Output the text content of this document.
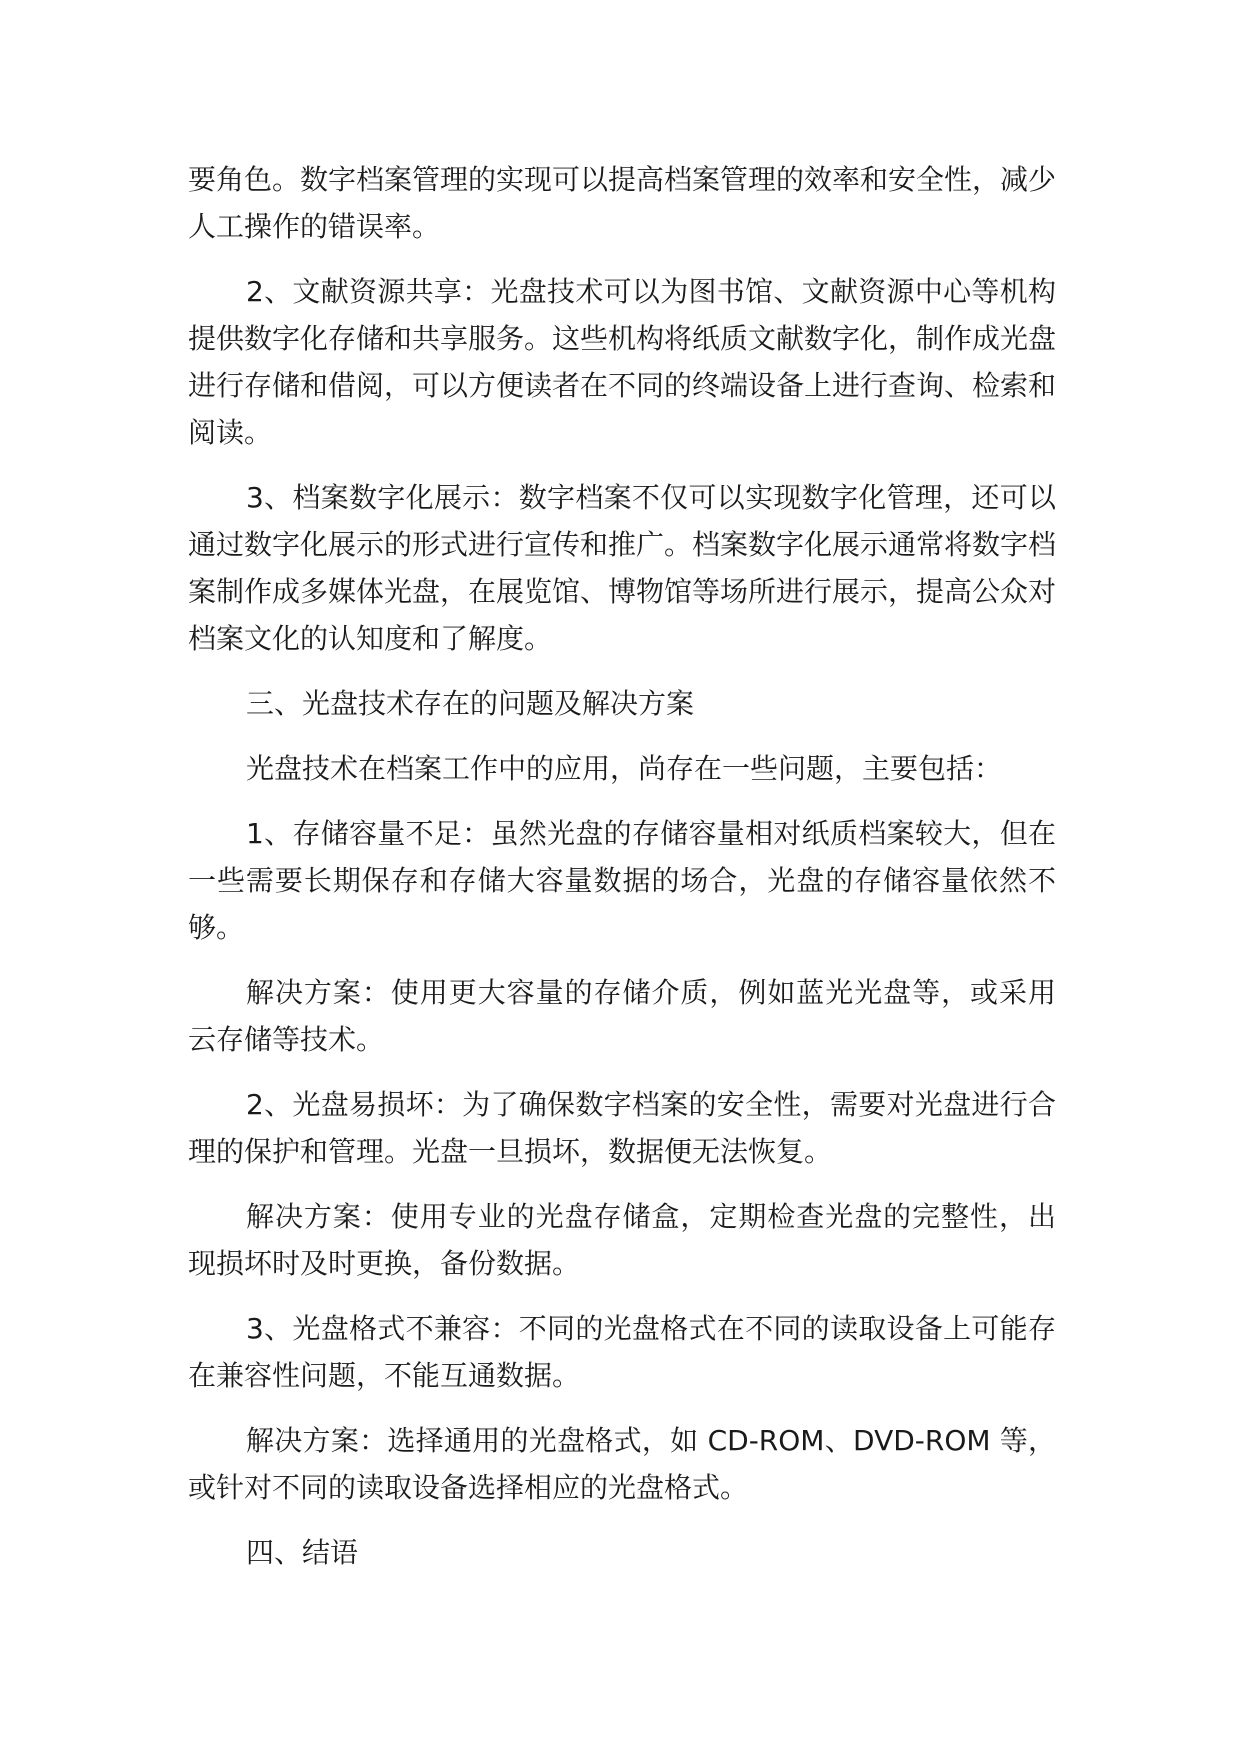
要角色。数字档案管理的实现可以提高档案管理的效率和安全性，减少人工操作的错误率。

2、文献资源共享：光盘技术可以为图书馆、文献资源中心等机构提供数字化存储和共享服务。这些机构将纸质文献数字化，制作成光盘进行存储和借阅，可以方便读者在不同的终端设备上进行查询、检索和阅读。

3、档案数字化展示：数字档案不仅可以实现数字化管理，还可以通过数字化展示的形式进行宣传和推广。档案数字化展示通常将数字档案制作成多媒体光盘，在展览馆、博物馆等场所进行展示，提高公众对档案文化的认知度和了解度。

三、光盘技术存在的问题及解决方案

光盘技术在档案工作中的应用，尚存在一些问题，主要包括：

1、存储容量不足：虽然光盘的存储容量相对纸质档案较大，但在一些需要长期保存和存储大容量数据的场合，光盘的存储容量依然不够。

解决方案：使用更大容量的存储介质，例如蓝光光盘等，或采用云存储等技术。

2、光盘易损坏：为了确保数字档案的安全性，需要对光盘进行合理的保护和管理。光盘一旦损坏，数据便无法恢复。

解决方案：使用专业的光盘存储盒，定期检查光盘的完整性，出现损坏时及时更换，备份数据。

3、光盘格式不兼容：不同的光盘格式在不同的读取设备上可能存在兼容性问题，不能互通数据。

解决方案：选择通用的光盘格式，如 CD-ROM、DVD-ROM 等，或针对不同的读取设备选择相应的光盘格式。

四、结语
